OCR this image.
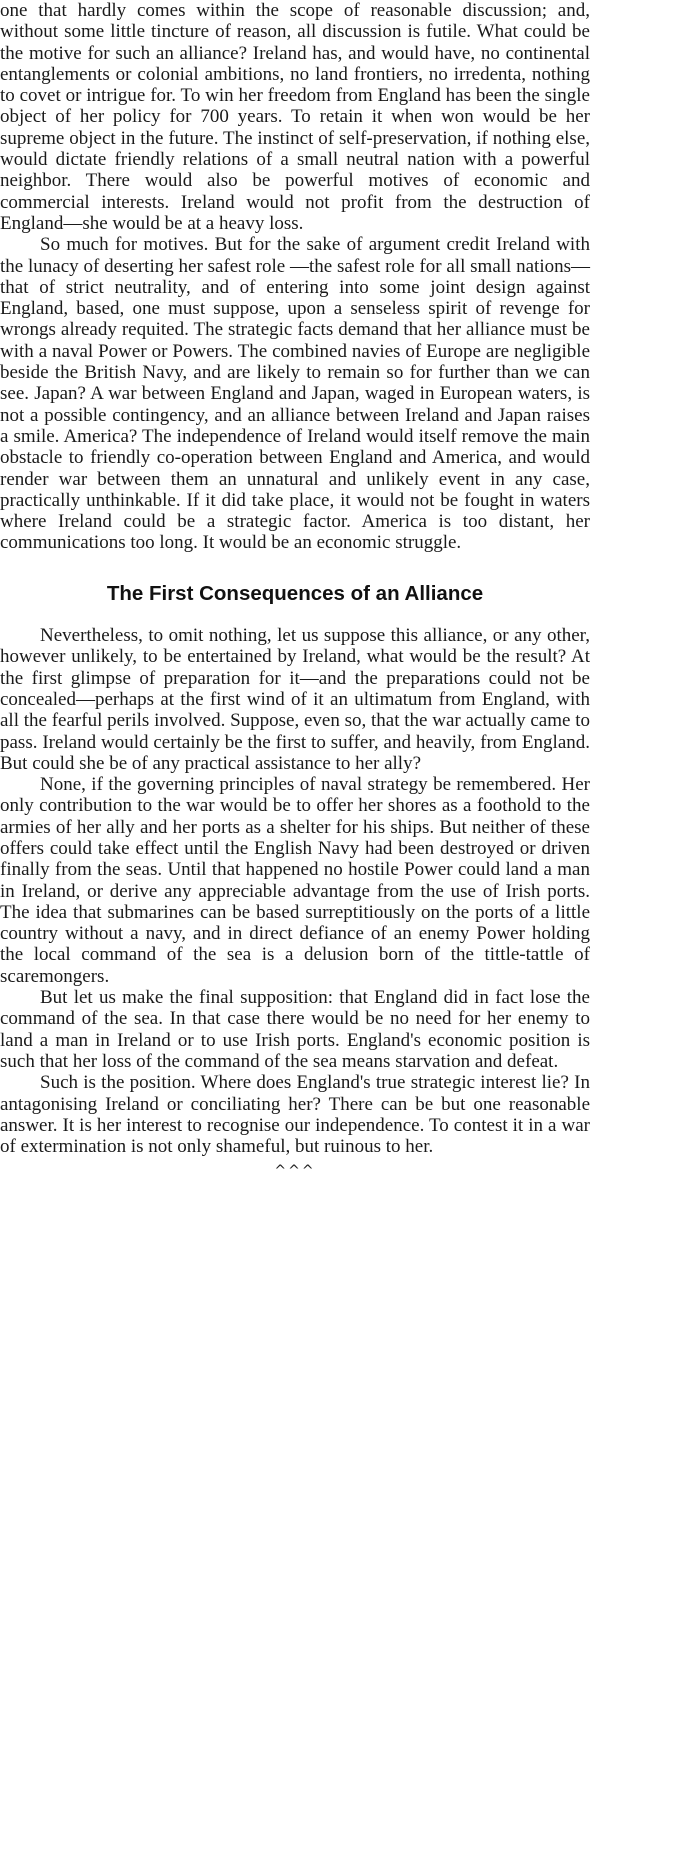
one that hardly comes within the scope of reasonable discussion; and, without some little tincture of reason, all discussion is futile. What could be the motive for such an alliance? Ireland has, and would have, no continental entanglements or colonial ambitions, no land frontiers, no irredenta, nothing to covet or intrigue for. To win her freedom from England has been the single object of her policy for 700 years. To retain it when won would be her supreme object in the future. The instinct of self-preservation, if nothing else, would dictate friendly relations of a small neutral nation with a powerful neighbor. There would also be powerful motives of economic and commercial interests. Ireland would not profit from the destruction of England—she would be at a heavy loss.

So much for motives. But for the sake of argument credit Ireland with the lunacy of deserting her safest role —the safest role for all small nations—that of strict neutrality, and of entering into some joint design against England, based, one must suppose, upon a senseless spirit of revenge for wrongs already requited. The strategic facts demand that her alliance must be with a naval Power or Powers. The combined navies of Europe are negligible beside the British Navy, and are likely to remain so for further than we can see. Japan? A war between England and Japan, waged in European waters, is not a possible contingency, and an alliance between Ireland and Japan raises a smile. America? The independence of Ireland would itself remove the main obstacle to friendly co-operation between England and America, and would render war between them an unnatural and unlikely event in any case, practically unthinkable. If it did take place, it would not be fought in waters where Ireland could be a strategic factor. America is too distant, her communications too long. It would be an economic struggle.

The First Consequences of an Alliance

Nevertheless, to omit nothing, let us suppose this alliance, or any other, however unlikely, to be entertained by Ireland, what would be the result? At the first glimpse of preparation for it—and the preparations could not be concealed—perhaps at the first wind of it an ultimatum from England, with all the fearful perils involved. Suppose, even so, that the war actually came to pass. Ireland would certainly be the first to suffer, and heavily, from England. But could she be of any practical assistance to her ally?

None, if the governing principles of naval strategy be remembered. Her only contribution to the war would be to offer her shores as a foothold to the armies of her ally and her ports as a shelter for his ships. But neither of these offers could take effect until the English Navy had been destroyed or driven finally from the seas. Until that happened no hostile Power could land a man in Ireland, or derive any appreciable advantage from the use of Irish ports. The idea that submarines can be based surreptitiously on the ports of a little country without a navy, and in direct defiance of an enemy Power holding the local command of the sea is a delusion born of the tittle-tattle of scaremongers.

But let us make the final supposition: that England did in fact lose the command of the sea. In that case there would be no need for her enemy to land a man in Ireland or to use Irish ports. England's economic position is such that her loss of the command of the sea means starvation and defeat.

Such is the position. Where does England's true strategic interest lie? In antagonising Ireland or conciliating her? There can be but one reasonable answer. It is her interest to recognise our independence. To contest it in a war of extermination is not only shameful, but ruinous to her.

^^^
